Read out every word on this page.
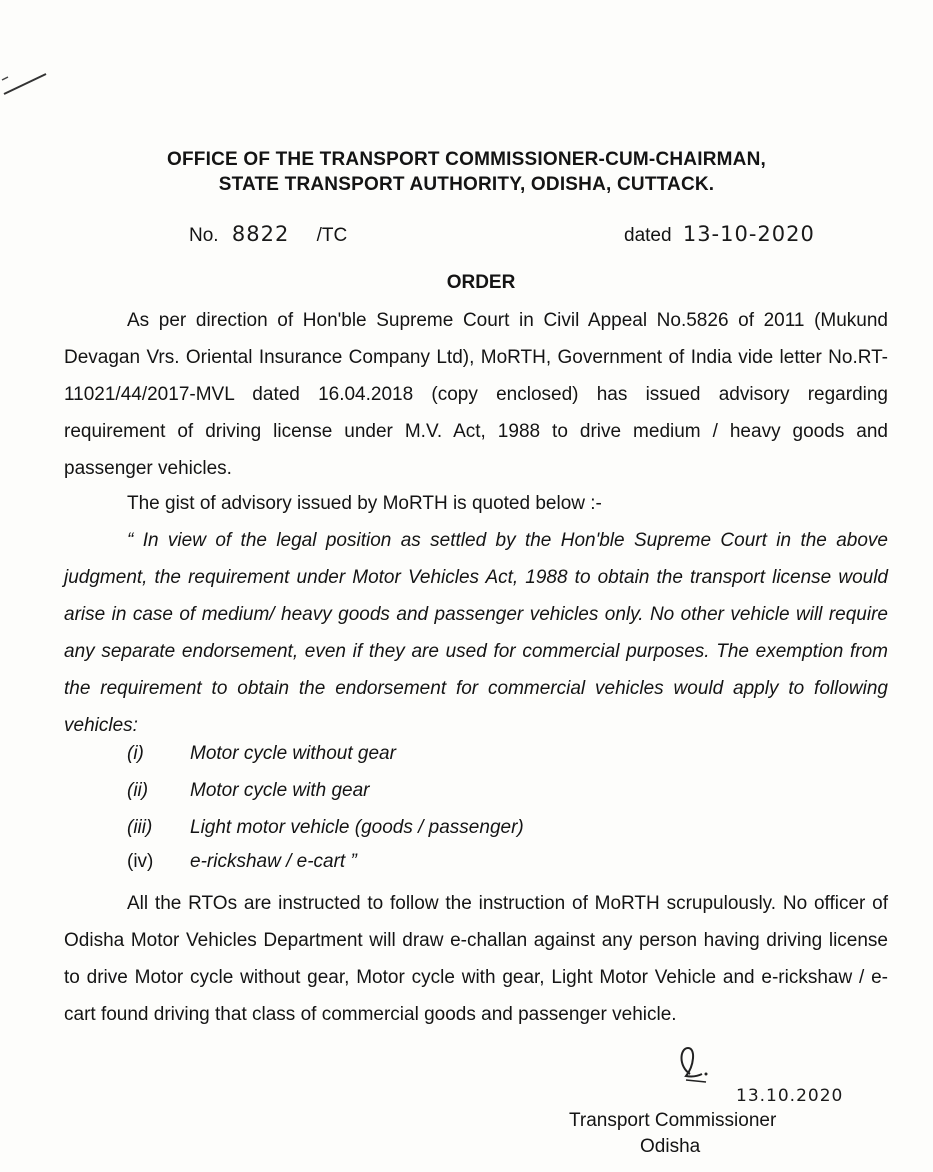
OFFICE OF THE TRANSPORT COMMISSIONER-CUM-CHAIRMAN,
STATE TRANSPORT AUTHORITY, ODISHA, CUTTACK.
No. 8822 /TC	dated 13-10-2020
ORDER
As per direction of Hon'ble Supreme Court in Civil Appeal No.5826 of 2011 (Mukund Devagan Vrs. Oriental Insurance Company Ltd), MoRTH, Government of India vide letter No.RT-11021/44/2017-MVL dated 16.04.2018 (copy enclosed) has issued advisory regarding requirement of driving license under M.V. Act, 1988 to drive medium / heavy goods and passenger vehicles.
The gist of advisory issued by MoRTH is quoted below :-
“ In view of the legal position as settled by the Hon'ble Supreme Court in the above judgment, the requirement under Motor Vehicles Act, 1988 to obtain the transport license would arise in case of medium/ heavy goods and passenger vehicles only. No other vehicle will require any separate endorsement, even if they are used for commercial purposes. The exemption from the requirement to obtain the endorsement for commercial vehicles would apply to following vehicles:
(i) Motor cycle without gear
(ii) Motor cycle with gear
(iii) Light motor vehicle (goods / passenger)
(iv) e-rickshaw / e-cart ”
All the RTOs are instructed to follow the instruction of MoRTH scrupulously. No officer of Odisha Motor Vehicles Department will draw e-challan against any person having driving license to drive Motor cycle without gear, Motor cycle with gear, Light Motor Vehicle and e-rickshaw / e-cart found driving that class of commercial goods and passenger vehicle.
13.10.2020
Transport Commissioner
Odisha
